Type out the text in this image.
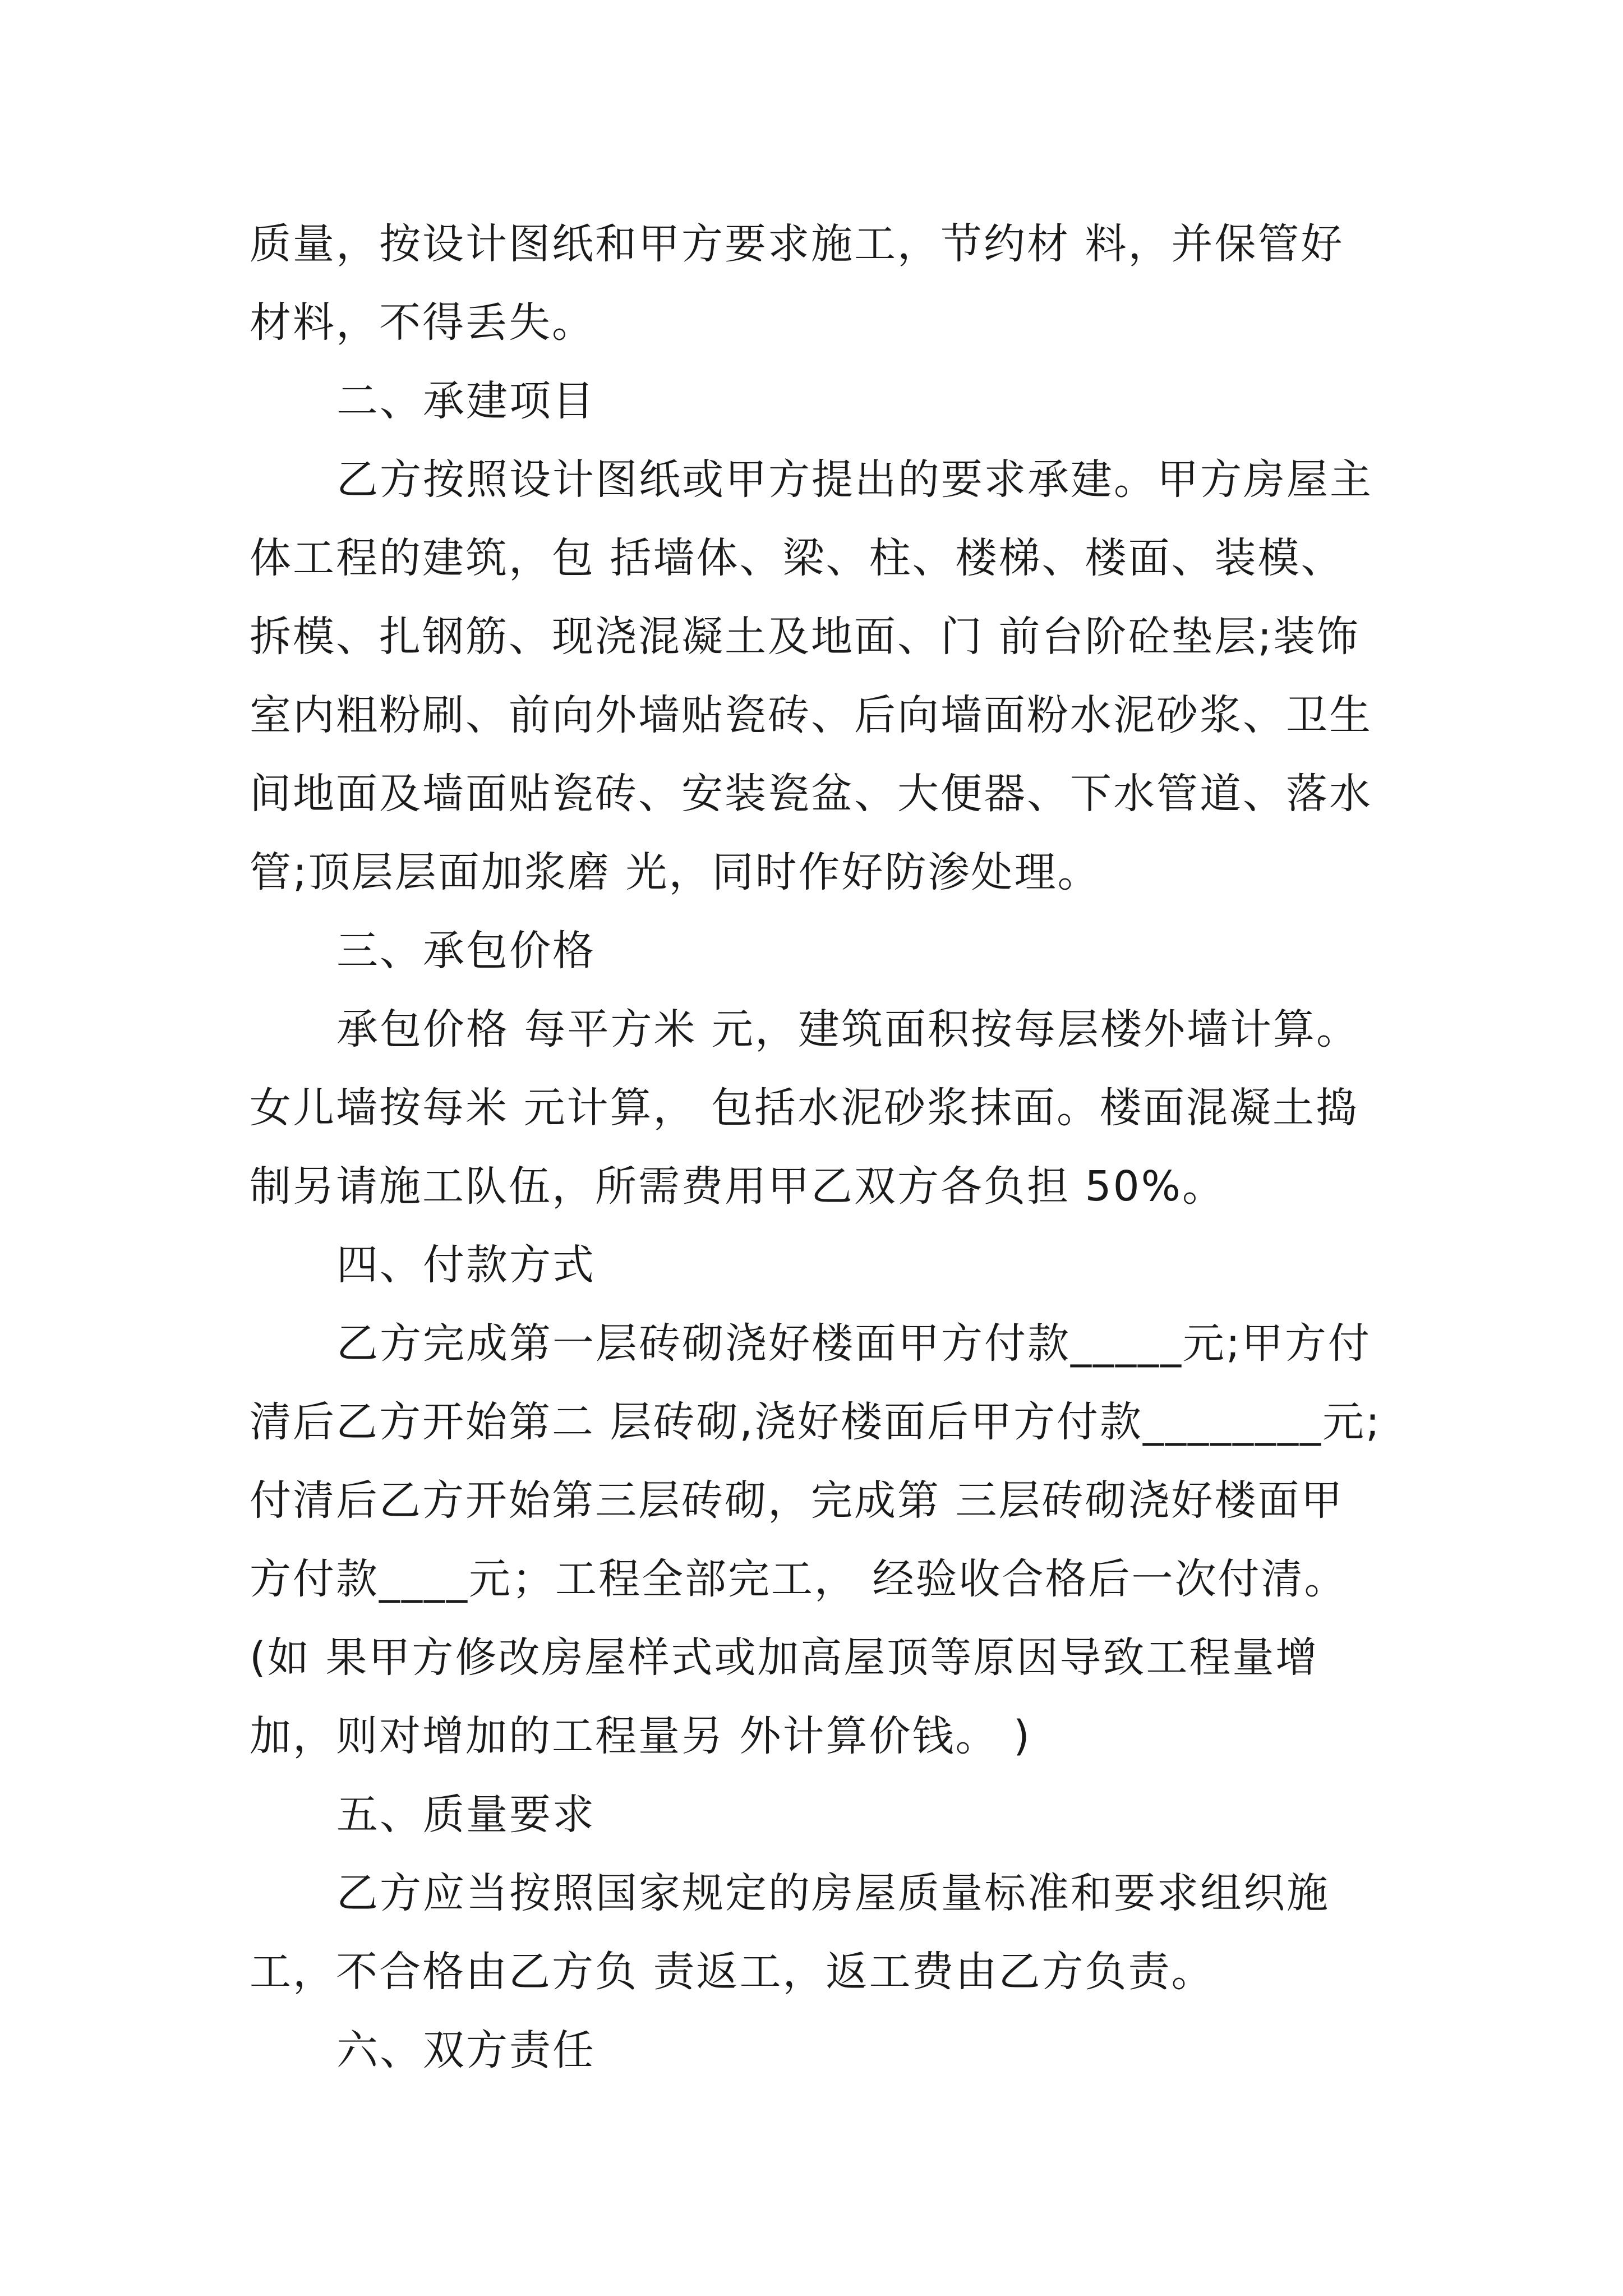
质量，按设计图纸和甲方要求施工，节约材 料，并保管好
材料，不得丢失。
二、承建项目
乙方按照设计图纸或甲方提出的要求承建。甲方房屋主
体工程的建筑，包 括墙体、梁、柱、楼梯、楼面、装模、
拆模、扎钢筋、现浇混凝土及地面、门 前台阶砼垫层;装饰
室内粗粉刷、前向外墙贴瓷砖、后向墙面粉水泥砂浆、卫生
间地面及墙面贴瓷砖、安装瓷盆、大便器、下水管道、落水
管;顶层层面加浆磨 光，同时作好防渗处理。
三、承包价格
承包价格 每平方米 元，建筑面积按每层楼外墙计算。
女儿墙按每米 元计算， 包括水泥砂浆抹面。楼面混凝土捣
制另请施工队伍，所需费用甲乙双方各负担 50%。
四、付款方式
乙方完成第一层砖砌浇好楼面甲方付款_____元;甲方付
清后乙方开始第二 层砖砌,浇好楼面后甲方付款________元;
付清后乙方开始第三层砖砌，完成第 三层砖砌浇好楼面甲
方付款____元；工程全部完工， 经验收合格后一次付清。
(如 果甲方修改房屋样式或加高屋顶等原因导致工程量增
加，则对增加的工程量另 外计算价钱。 )
五、质量要求
乙方应当按照国家规定的房屋质量标准和要求组织施
工，不合格由乙方负 责返工，返工费由乙方负责。
六、双方责任
